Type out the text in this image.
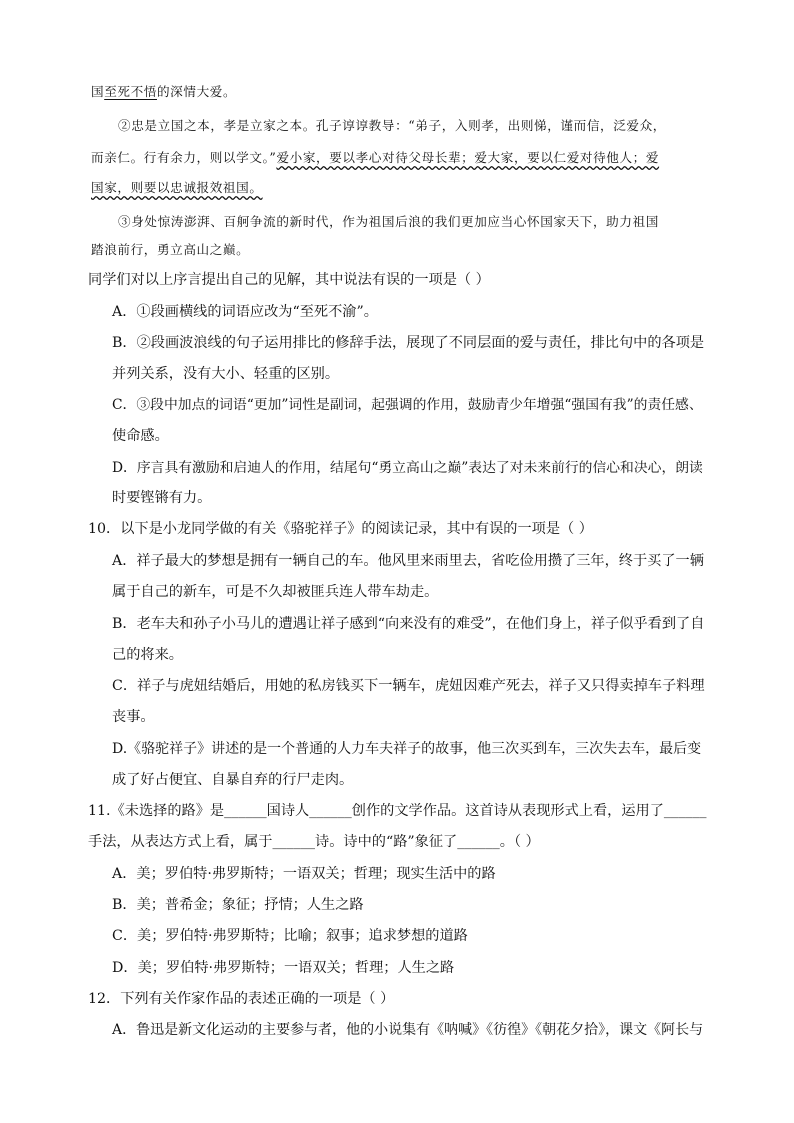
国至死不悟的深情大爱。
②忠是立国之本，孝是立家之本。孔子谆谆教导：“弟子，入则孝，出则悌，谨而信，泛爱众，
而亲仁。行有余力，则以学文。”爱小家，要以孝心对待父母长辈；爱大家，要以仁爱对待他人；爱
国家，则要以忠诚报效祖国。
③身处惊涛澎湃、百舸争流的新时代，作为祖国后浪的我们更加应当心怀国家天下，助力祖国
踏浪前行，勇立高山之巅。
同学们对以上序言提出自己的见解，其中说法有误的一项是（ ）
A．①段画横线的词语应改为“至死不渝”。
B．②段画波浪线的句子运用排比的修辞手法，展现了不同层面的爱与责任，排比句中的各项是
并列关系，没有大小、轻重的区别。
C．③段中加点的词语“更加”词性是副词，起强调的作用，鼓励青少年增强“强国有我”的责任感、
使命感。
D．序言具有激励和启迪人的作用，结尾句“勇立高山之巅”表达了对未来前行的信心和决心，朗读
时要铿锵有力。
10．以下是小龙同学做的有关《骆驼祥子》的阅读记录，其中有误的一项是（ ）
A．祥子最大的梦想是拥有一辆自己的车。他风里来雨里去，省吃俭用攒了三年，终于买了一辆
属于自己的新车，可是不久却被匪兵连人带车劫走。
B．老车夫和孙子小马儿的遭遇让祥子感到“向来没有的难受”，在他们身上，祥子似乎看到了自
己的将来。
C．祥子与虎妞结婚后，用她的私房钱买下一辆车，虎妞因难产死去，祥子又只得卖掉车子料理
丧事。
D.《骆驼祥子》讲述的是一个普通的人力车夫祥子的故事，他三次买到车，三次失去车，最后变
成了好占便宜、自暴自弃的行尸走肉。
11.《未选择的路》是______国诗人______创作的文学作品。这首诗从表现形式上看，运用了______
手法，从表达方式上看，属于______诗。诗中的“路”象征了______。（ ）
A．美；罗伯特·弗罗斯特；一语双关；哲理；现实生活中的路
B．美；普希金；象征；抒情；人生之路
C．美；罗伯特·弗罗斯特；比喻；叙事；追求梦想的道路
D．美；罗伯特·弗罗斯特；一语双关；哲理；人生之路
12．下列有关作家作品的表述正确的一项是（ ）
A．鲁迅是新文化运动的主要参与者，他的小说集有《呐喊》《彷徨》《朝花夕拾》，课文《阿长与
